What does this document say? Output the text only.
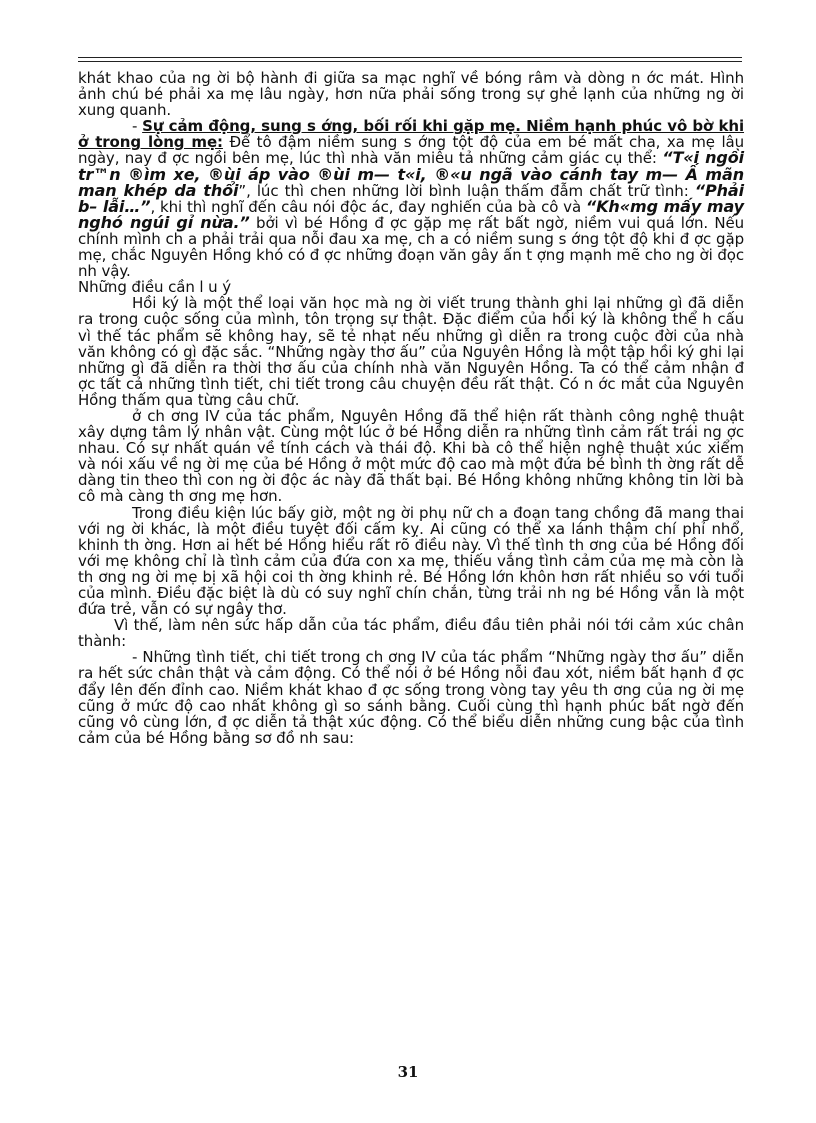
khát khao của ng ời bộ hành đi giữa sa mạc nghĩ về bóng râm và dòng n ớc mát. Hình ảnh chú bé phải xa mẹ lâu ngày, hơn nữa phải sống trong sự ghẻ lạnh của những ng ời xung quanh.

- Sự cảm động, sung s ớng, bối rối khi gặp mẹ. Niềm hạnh phúc vô bờ khi ở trong lòng mẹ: Để tô đậm niềm sung s ớng tột độ của em bé mất cha, xa mẹ lâu ngày, nay đ ợc ngồi bên mẹ, lúc thì nhà văn miêu tả những cảm giác cụ thể: “T«i ngồi tr™n ®ìm xe, ®ùi áp vào ®ùi m— t«i, ®«u ngã vào cánh tay m— Ấ mãn man khép da thổi”, lúc thì chen những lời bình luận thấm đẫm chất trữ tình: “Phải b– lẫi…”, khi thì nghĩ đến câu nói độc ác, đay nghiến của bà cô và “Kh«mg mấy may nghó ngúi gỉ nừa.” bởi vì bé Hồng đ ợc gặp mẹ rất bất ngờ, niềm vui quá lớn. Nếu chính mình ch a phải trải qua nỗi đau xa mẹ, ch a có niềm sung s ớng tột độ khi đ ợc gặp mẹ, chắc Nguyên Hồng khó có đ ợc những đoạn văn gây ấn t ợng mạnh mẽ cho ng ời đọc nh vậy.

Những điều cần l u ý

Hồi ký là một thể loại văn học mà ng ời viết trung thành ghi lại những gì đã diễn ra trong cuộc sống của mình, tôn trọng sự thật. Đặc điểm của hồi ký là không thể h cấu vì thế tác phẩm sẽ không hay, sẽ tẻ nhạt nếu những gì diễn ra trong cuộc đời của nhà văn không có gì đặc sắc. “Những ngày thơ ấu” của Nguyên Hồng là một tập hồi ký ghi lại những gì đã diễn ra thời thơ ấu của chính nhà văn Nguyên Hồng. Ta có thể cảm nhận đ ợc tất cả những tình tiết, chi tiết trong câu chuyện đều rất thật. Có n ớc mắt của Nguyên Hồng thấm qua từng câu chữ.

ở ch ơng IV của tác phẩm, Nguyên Hồng đã thể hiện rất thành công nghệ thuật xây dựng tâm lý nhân vật. Cùng một lúc ở bé Hồng diễn ra những tình cảm rất trái ng ợc nhau. Có sự nhất quán về tính cách và thái độ. Khi bà cô thể hiện nghệ thuật xúc xiểm và nói xấu về ng ời mẹ của bé Hồng ở một mức độ cao mà một đứa bé bình th ờng rất dễ dàng tin theo thì con ng ời độc ác này đã thất bại. Bé Hồng không những không tin lời bà cô mà càng th ơng mẹ hơn.

Trong điều kiện lúc bấy giờ, một ng ời phụ nữ ch a đoạn tang chồng đã mang thai với ng ời khác, là một điều tuyệt đối cấm kỵ. Ai cũng có thể xa lánh thậm chí phỉ nhổ, khinh th ờng. Hơn ai hết bé Hồng hiểu rất rõ điều này. Vì thế tình th ơng của bé Hồng đối với mẹ không chỉ là tình cảm của đứa con xa mẹ, thiếu vắng tình cảm của mẹ mà còn là th ơng ng ời mẹ bị xã hội coi th ờng khinh rẻ. Bé Hồng lớn khôn hơn rất nhiều so với tuổi của mình. Điều đặc biệt là dù có suy nghĩ chín chắn, từng trải nh ng bé Hồng vẫn là một đứa trẻ, vẫn có sự ngây thơ.

Vì thế, làm nên sức hấp dẫn của tác phẩm, điều đầu tiên phải nói tới cảm xúc chân thành:

- Những tình tiết, chi tiết trong ch ơng IV của tác phẩm “Những ngày thơ ấu” diễn ra hết sức chân thật và cảm động. Có thể nói ở bé Hồng nỗi đau xót, niềm bất hạnh đ ợc đẩy lên đến đỉnh cao. Niềm khát khao đ ợc sống trong vòng tay yêu th ơng của ng ời mẹ cũng ở mức độ cao nhất không gì so sánh bằng. Cuối cùng thì hạnh phúc bất ngờ đến cũng vô cùng lớn, đ ợc diễn tả thật xúc động. Có thể biểu diễn những cung bậc của tình cảm của bé Hồng bằng sơ đồ nh sau:

31
